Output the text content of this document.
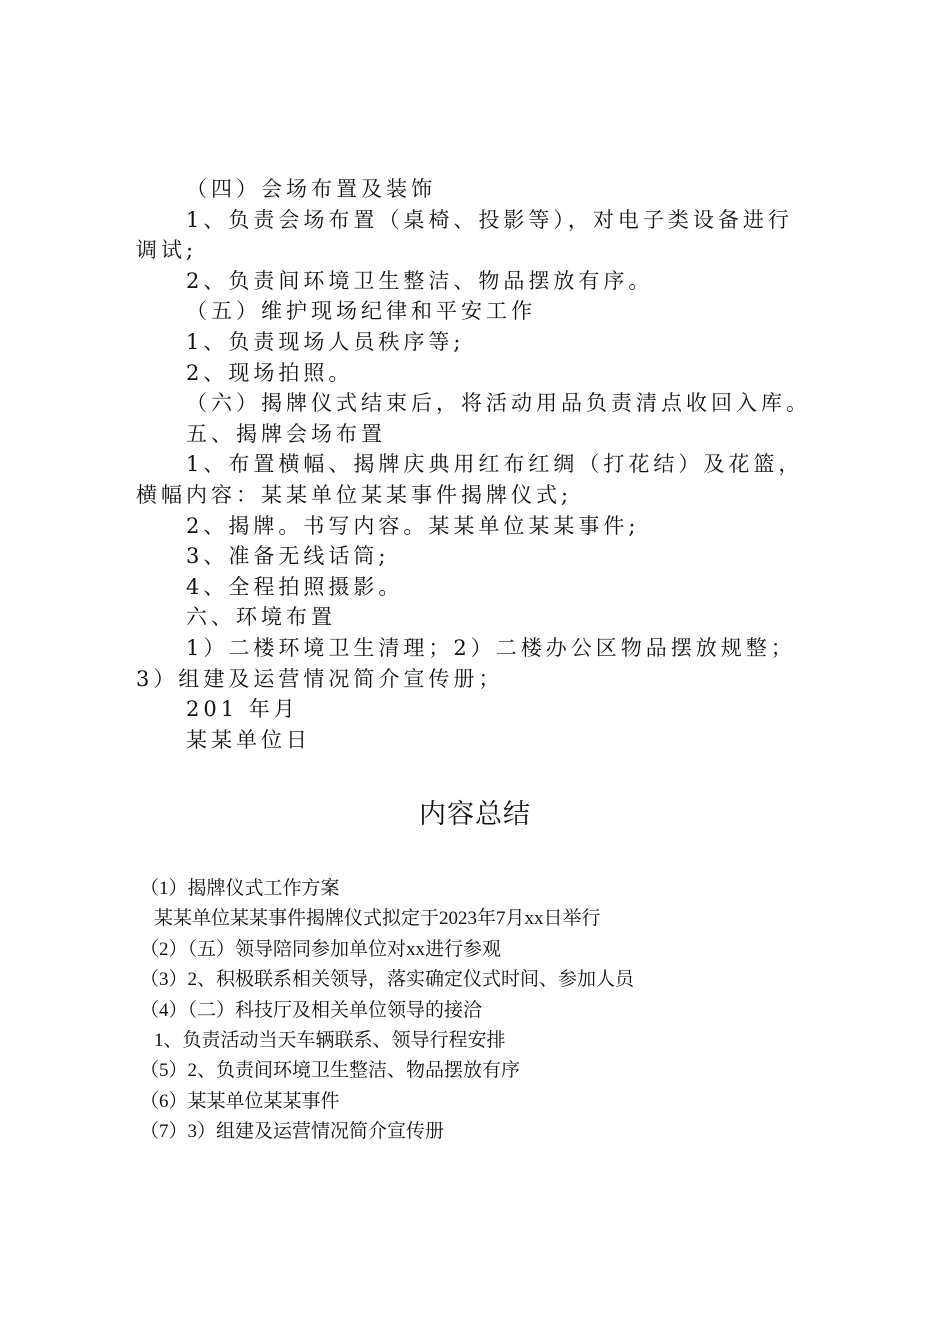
（四）会场布置及装饰

1、负责会场布置（桌椅、投影等），对电子类设备进行

调试;

2、负责间环境卫生整洁、物品摆放有序。

（五）维护现场纪律和平安工作

1、负责现场人员秩序等;

2、现场拍照。

（六）揭牌仪式结束后，将活动用品负责清点收回入库。

五、揭牌会场布置

1、布置横幅、揭牌庆典用红布红绸（打花结）及花篮，

横幅内容：某某单位某某事件揭牌仪式;

2、揭牌。书写内容。某某单位某某事件;

3、准备无线话筒;

4、全程拍照摄影。

六、环境布置

1）二楼环境卫生清理；2）二楼办公区物品摆放规整；

3）组建及运营情况简介宣传册；

201 年月

某某单位日

内容总结

（1）揭牌仪式工作方案

某某单位某某事件揭牌仪式拟定于2023年7月xx日举行

（2）（五）领导陪同参加单位对xx进行参观

（3）2、积极联系相关领导，落实确定仪式时间、参加人员

（4）（二）科技厅及相关单位领导的接洽

1、负责活动当天车辆联系、领导行程安排

（5）2、负责间环境卫生整洁、物品摆放有序

（6）某某单位某某事件

（7）3）组建及运营情况简介宣传册
